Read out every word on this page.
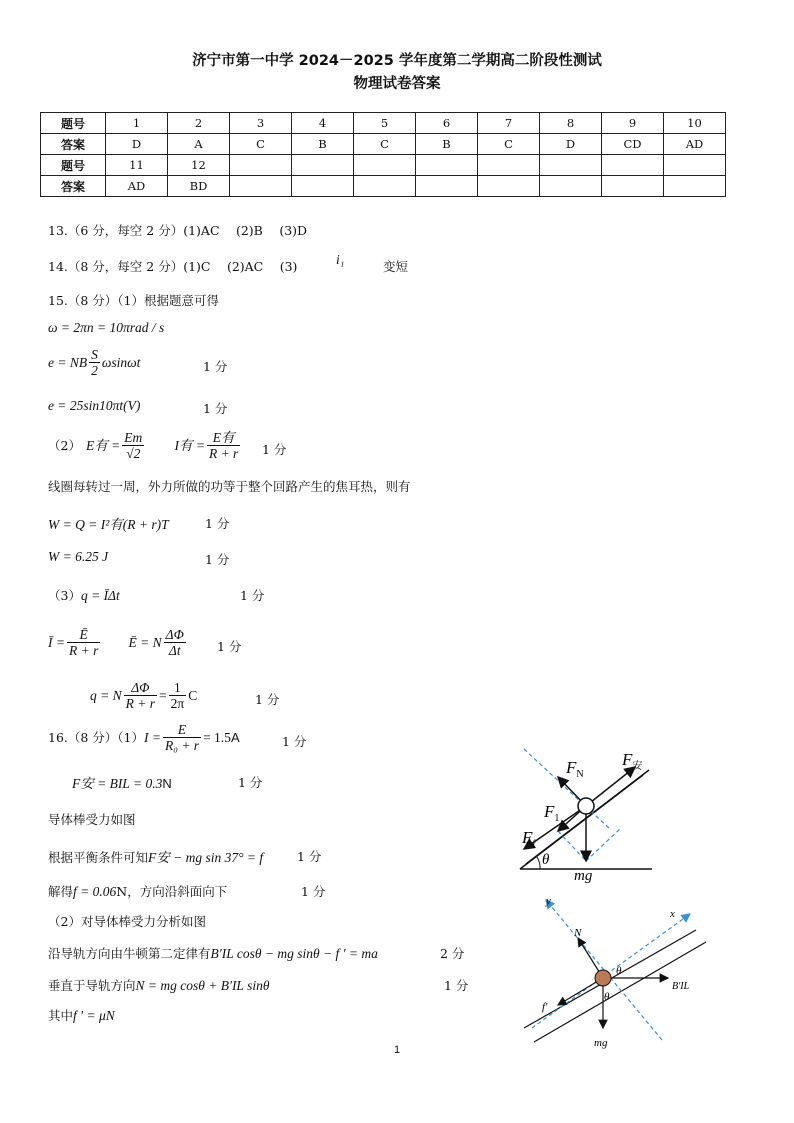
济宁市第一中学 2024－2025 学年度第二学期高二阶段性测试
物理试卷答案
题号	1	2	3	4	5	6	7	8	9	10
答案	D	A	C	B	C	B	C	D	CD	AD
题号	11	12								
答案	AD	BD								
13.（6 分，每空 2 分）(1)AC　 (2)B　 (3)D
14.（8 分，每空 2 分）(1)C　 (2)AC　 (3)	i₁	变短
15.（8 分）（1）根据题意可得
ω = 2πn = 10πrad / s
e = NB $\frac{S}{2}$ ωsinωt	1 分
e = 25sin10πt(V)	1 分
（2） E有 = $\frac{Em}{√2}$ I有 = $\frac{\text{E有}}{R + r} 1$ 分
线圈每转过一周，外力所做的功等于整个回路产生的焦耳热，则有
W = Q = I²有(R + r)T	1 分
W = 6.25 J	1 分
（3）q = ĪΔt	1 分
Ī = $\frac{Ē}{R + r}$ Ē = N $\frac{\Delta\Phi}{\Delta t} 1$ 分
q = N $\frac{\Delta\Phi}{R + r} = \frac{1}{2\pi}$ C	1 分
16.（8 分）$(1)I = \frac{E}{\text{R₀ + r}} = 1.5A$	1 分
F安 = BIL = 0.3N	1 分
导体棒受力如图
根据平衡条件可知F安 − mg sin 37° = f	1 分
解得f = 0.06N，方向沿斜面向下	1 分
（2）对导体棒受力分析如图
沿导轨方向由牛顿第二定律有B′IL cosθ − mg sinθ − f ′ = ma	2 分
垂直于导轨方向N = mg cosθ + B′IL sinθ	1 分
其中f ′ = μN
$F_N$
$F_安$
$F_1$
$F_f$
θ
mg
y
x
N
f′
B′IL
θ
θ
mg
1
